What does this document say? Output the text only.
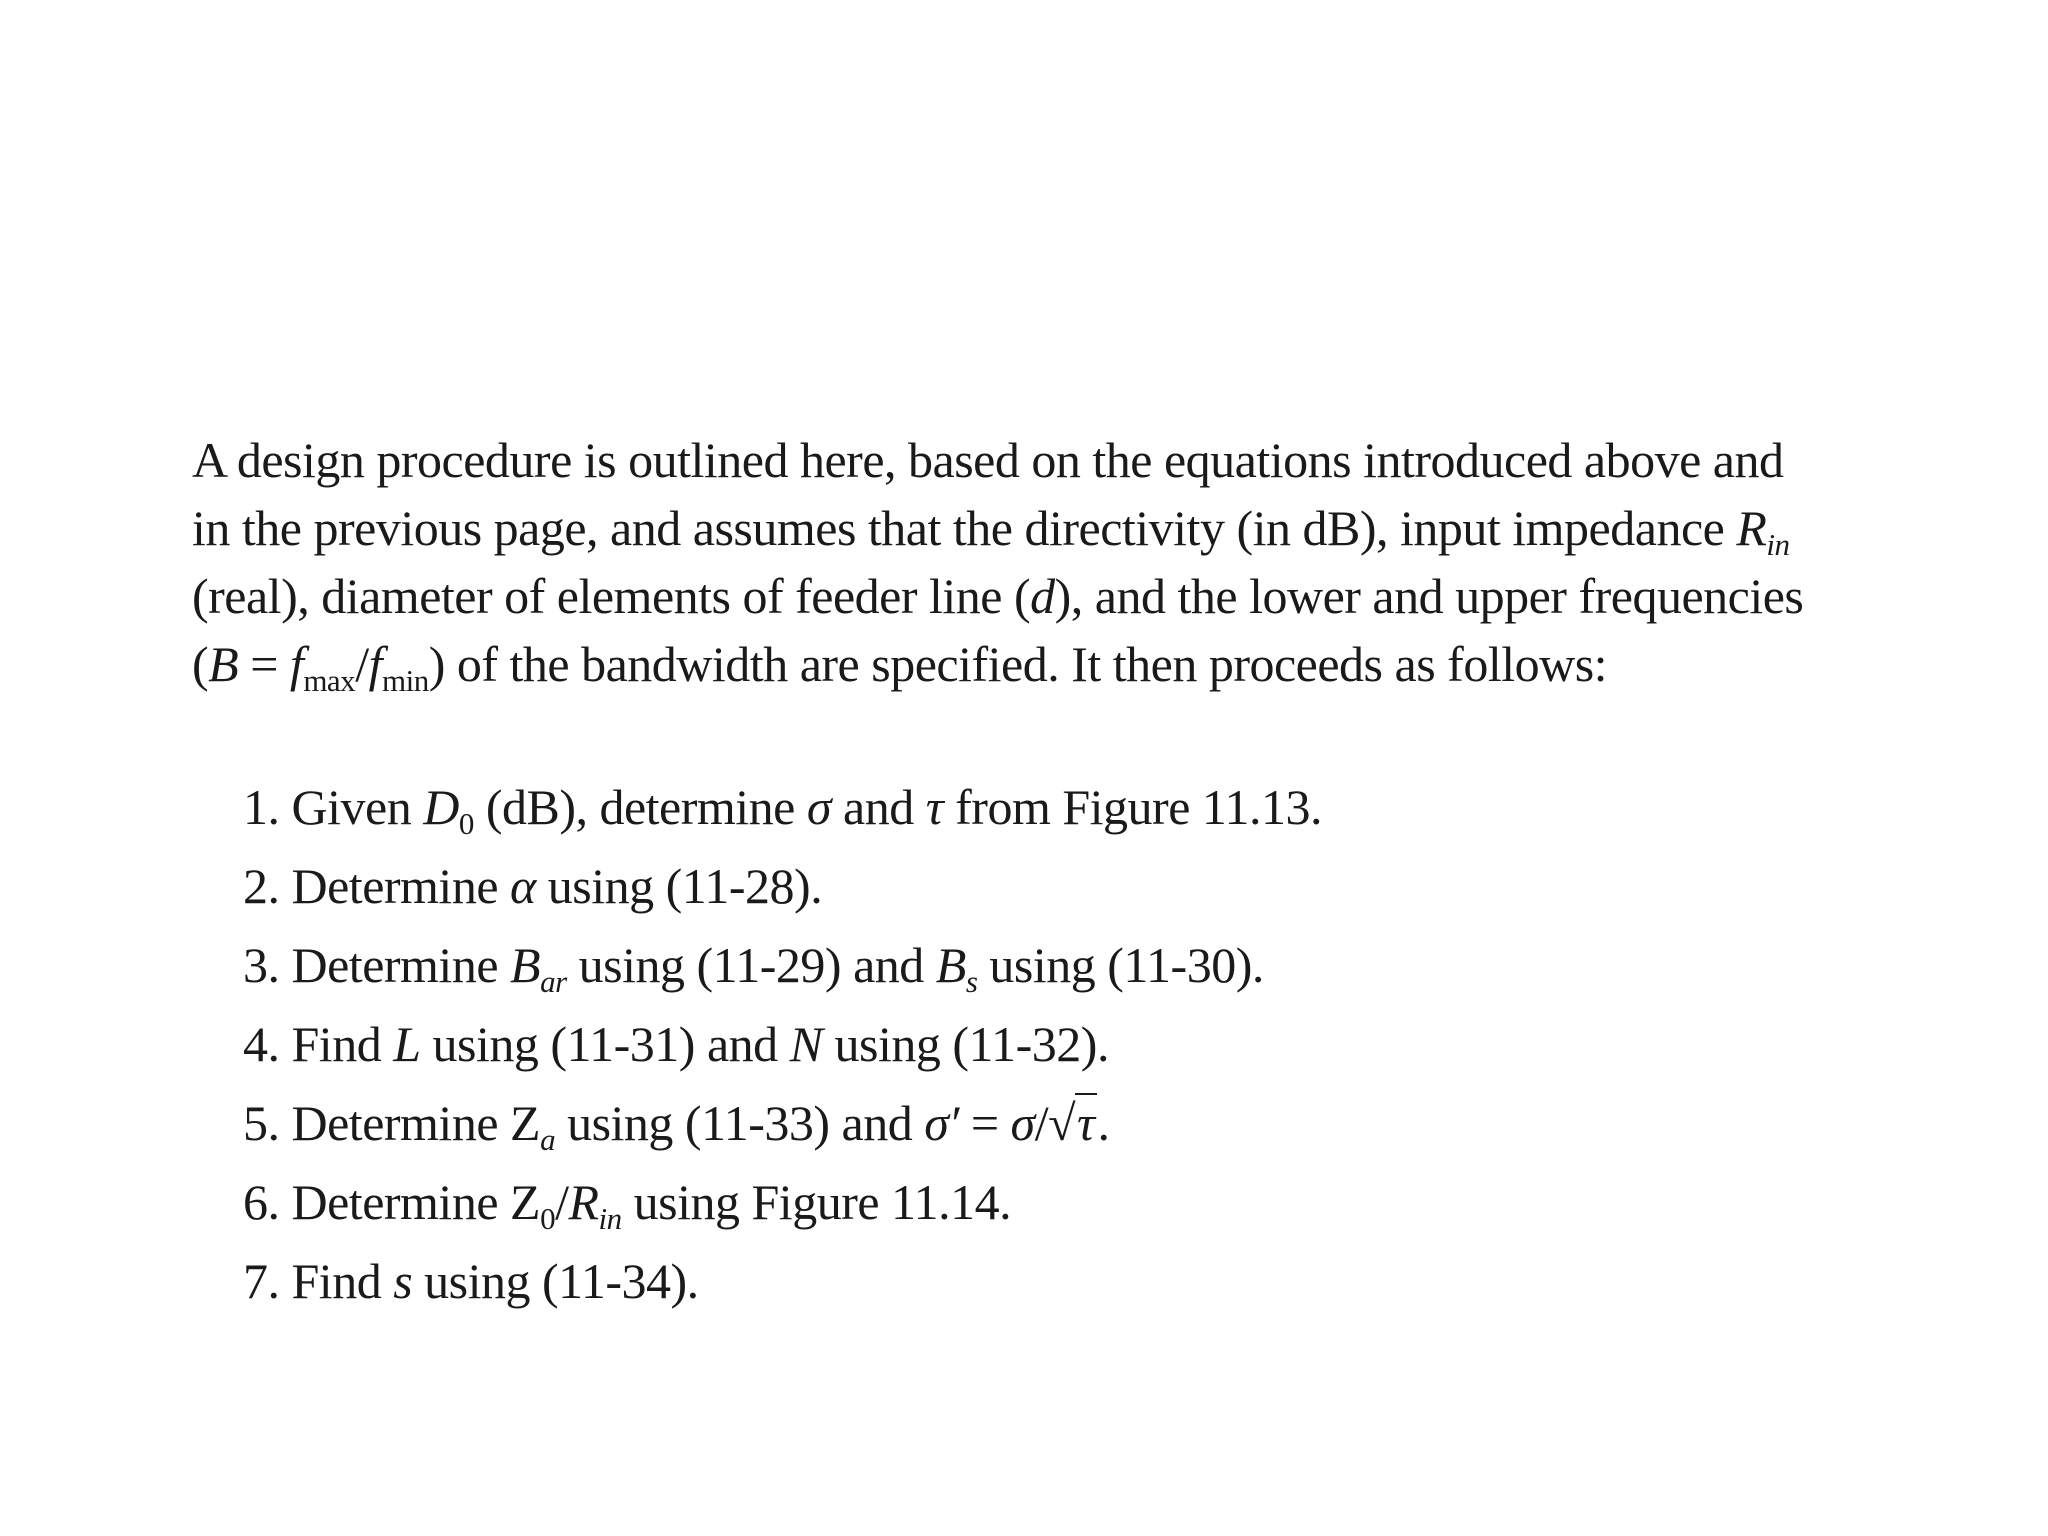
A design procedure is outlined here, based on the equations introduced above and
in the previous page, and assumes that the directivity (in dB), input impedance $R_{in}$
(real), diameter of elements of feeder line (d), and the lower and upper frequencies
$(B = f_{max}/f_{min})$ of the bandwidth are specified. It then proceeds as follows:

1. Given $D_0$ (dB), determine σ and τ from Figure 11.13.
2. Determine α using (11-28).
3. Determine $B_{ar}$ using (11-29) and $B_s$ using (11-30).
4. Find L using (11-31) and N using (11-32).
5. Determine $Z_a$ using (11-33) and σ′ = σ/√τ.
6. Determine $Z_0/R_{in}$ using Figure 11.14.
7. Find s using (11-34).
